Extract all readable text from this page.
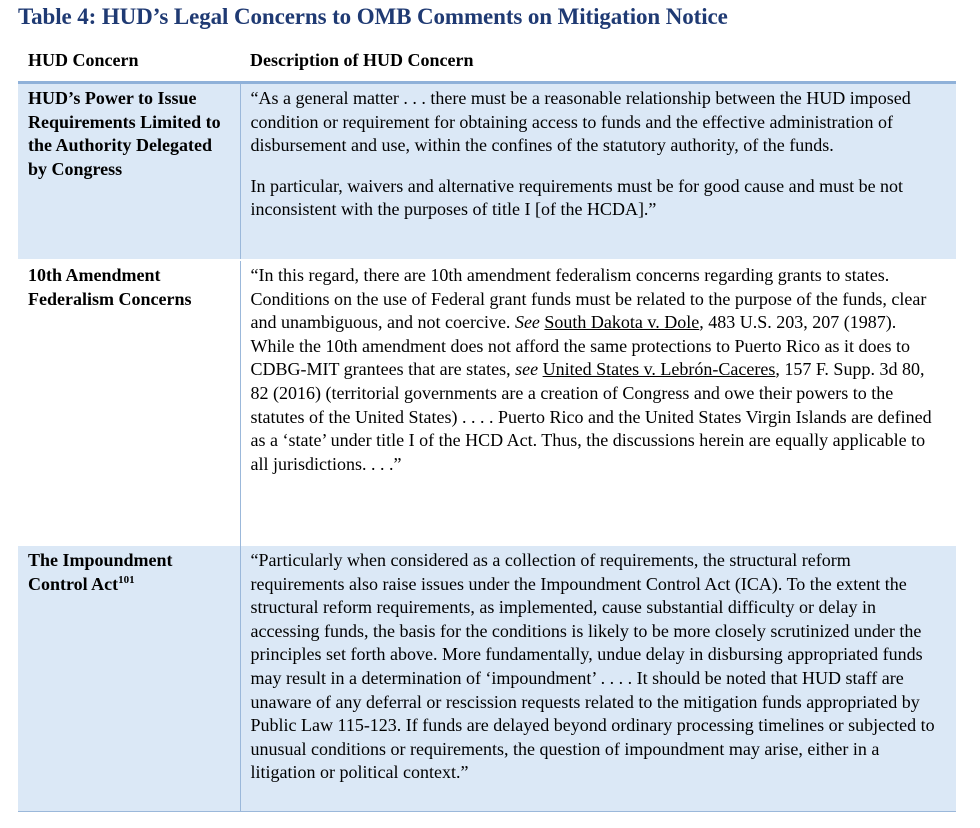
Table 4: HUD’s Legal Concerns to OMB Comments on Mitigation Notice
HUD Concern	Description of HUD Concern
HUD’s Power to Issue Requirements Limited to the Authority Delegated by Congress	“As a general matter . . . there must be a reasonable relationship between the HUD imposed condition or requirement for obtaining access to funds and the effective administration of disbursement and use, within the confines of the statutory authority, of the funds.

In particular, waivers and alternative requirements must be for good cause and must be not inconsistent with the purposes of title I [of the HCDA].”

10th Amendment Federalism Concerns	“In this regard, there are 10th amendment federalism concerns regarding grants to states. Conditions on the use of Federal grant funds must be related to the purpose of the funds, clear and unambiguous, and not coercive. See South Dakota v. Dole, 483 U.S. 203, 207 (1987). While the 10th amendment does not afford the same protections to Puerto Rico as it does to CDBG-MIT grantees that are states, see United States v. Lebrón-Caceres, 157 F. Supp. 3d 80, 82 (2016) (territorial governments are a creation of Congress and owe their powers to the statutes of the United States) . . . . Puerto Rico and the United States Virgin Islands are defined as a ‘state’ under title I of the HCD Act. Thus, the discussions herein are equally applicable to all jurisdictions. . . .”
The Impoundment Control Act$^{101}$	“Particularly when considered as a collection of requirements, the structural reform requirements also raise issues under the Impoundment Control Act (ICA). To the extent the structural reform requirements, as implemented, cause substantial difficulty or delay in accessing funds, the basis for the conditions is likely to be more closely scrutinized under the principles set forth above. More fundamentally, undue delay in disbursing appropriated funds may result in a determination of ‘impoundment’ . . . . It should be noted that HUD staff are unaware of any deferral or rescission requests related to the mitigation funds appropriated by Public Law 115-123. If funds are delayed beyond ordinary processing timelines or subjected to unusual conditions or requirements, the question of impoundment may arise, either in a litigation or political context.”
